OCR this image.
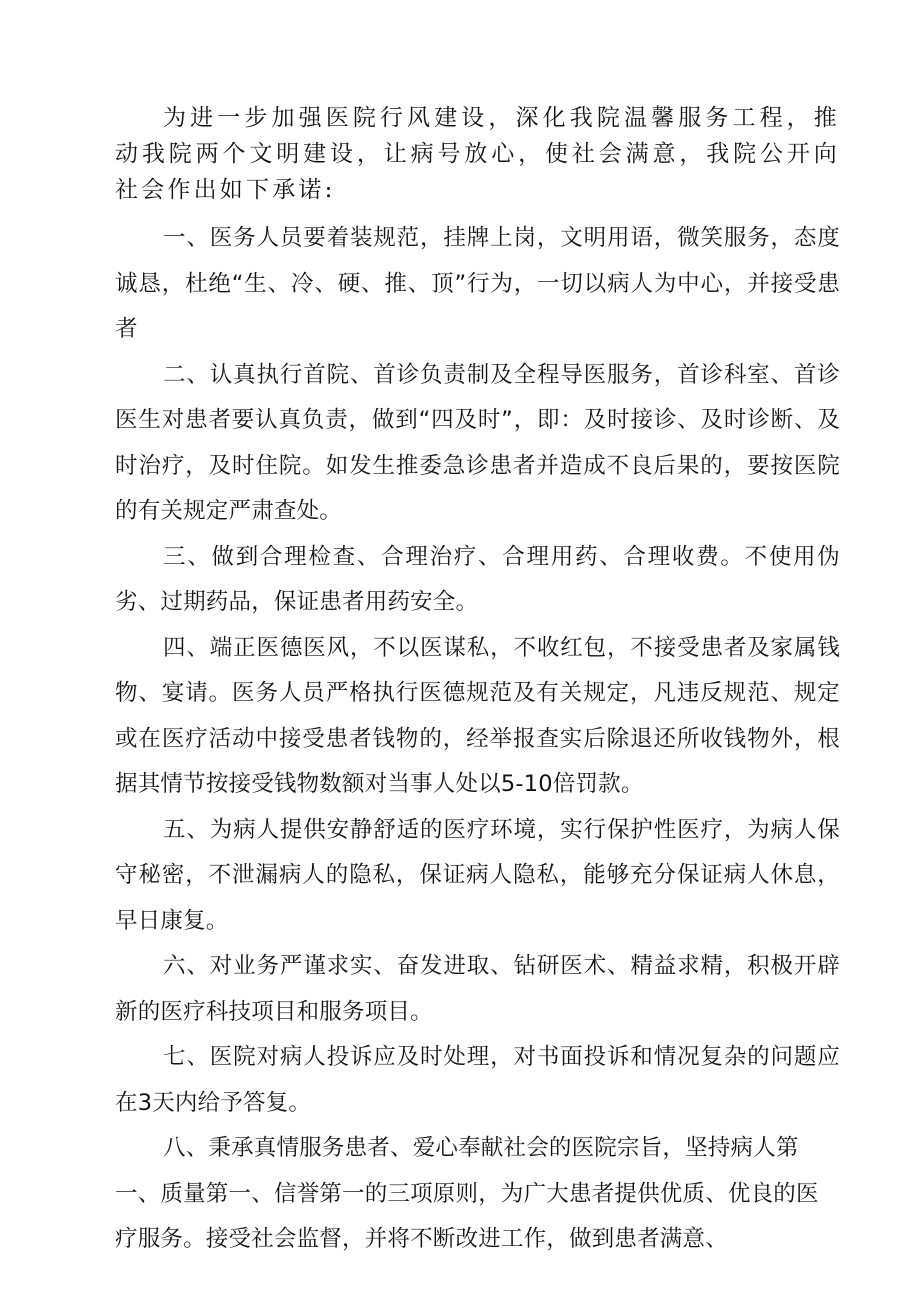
为进一步加强医院行风建设，深化我院温馨服务工程，推动我院两个文明建设，让病号放心，使社会满意，我院公开向社会作出如下承诺:

一、医务人员要着装规范，挂牌上岗，文明用语，微笑服务，态度诚恳，杜绝“生、冷、硬、推、顶”行为，一切以病人为中心，并接受患者

二、认真执行首院、首诊负责制及全程导医服务，首诊科室、首诊医生对患者要认真负责，做到“四及时”，即：及时接诊、及时诊断、及时治疗，及时住院。如发生推委急诊患者并造成不良后果的，要按医院的有关规定严肃查处。

三、做到合理检查、合理治疗、合理用药、合理收费。不使用伪劣、过期药品，保证患者用药安全。

四、端正医德医风，不以医谋私，不收红包，不接受患者及家属钱物、宴请。医务人员严格执行医德规范及有关规定，凡违反规范、规定或在医疗活动中接受患者钱物的，经举报查实后除退还所收钱物外，根据其情节按接受钱物数额对当事人处以5-10倍罚款。

五、为病人提供安静舒适的医疗环境，实行保护性医疗，为病人保守秘密，不泄漏病人的隐私，保证病人隐私，能够充分保证病人休息，早日康复。

六、对业务严谨求实、奋发进取、钻研医术、精益求精，积极开辟新的医疗科技项目和服务项目。

七、医院对病人投诉应及时处理，对书面投诉和情况复杂的问题应在3天内给予答复。

八、秉承真情服务患者、爱心奉献社会的医院宗旨，坚持病人第一、质量第一、信誉第一的三项原则，为广大患者提供优质、优良的医疗服务。接受社会监督，并将不断改进工作，做到患者满意、
